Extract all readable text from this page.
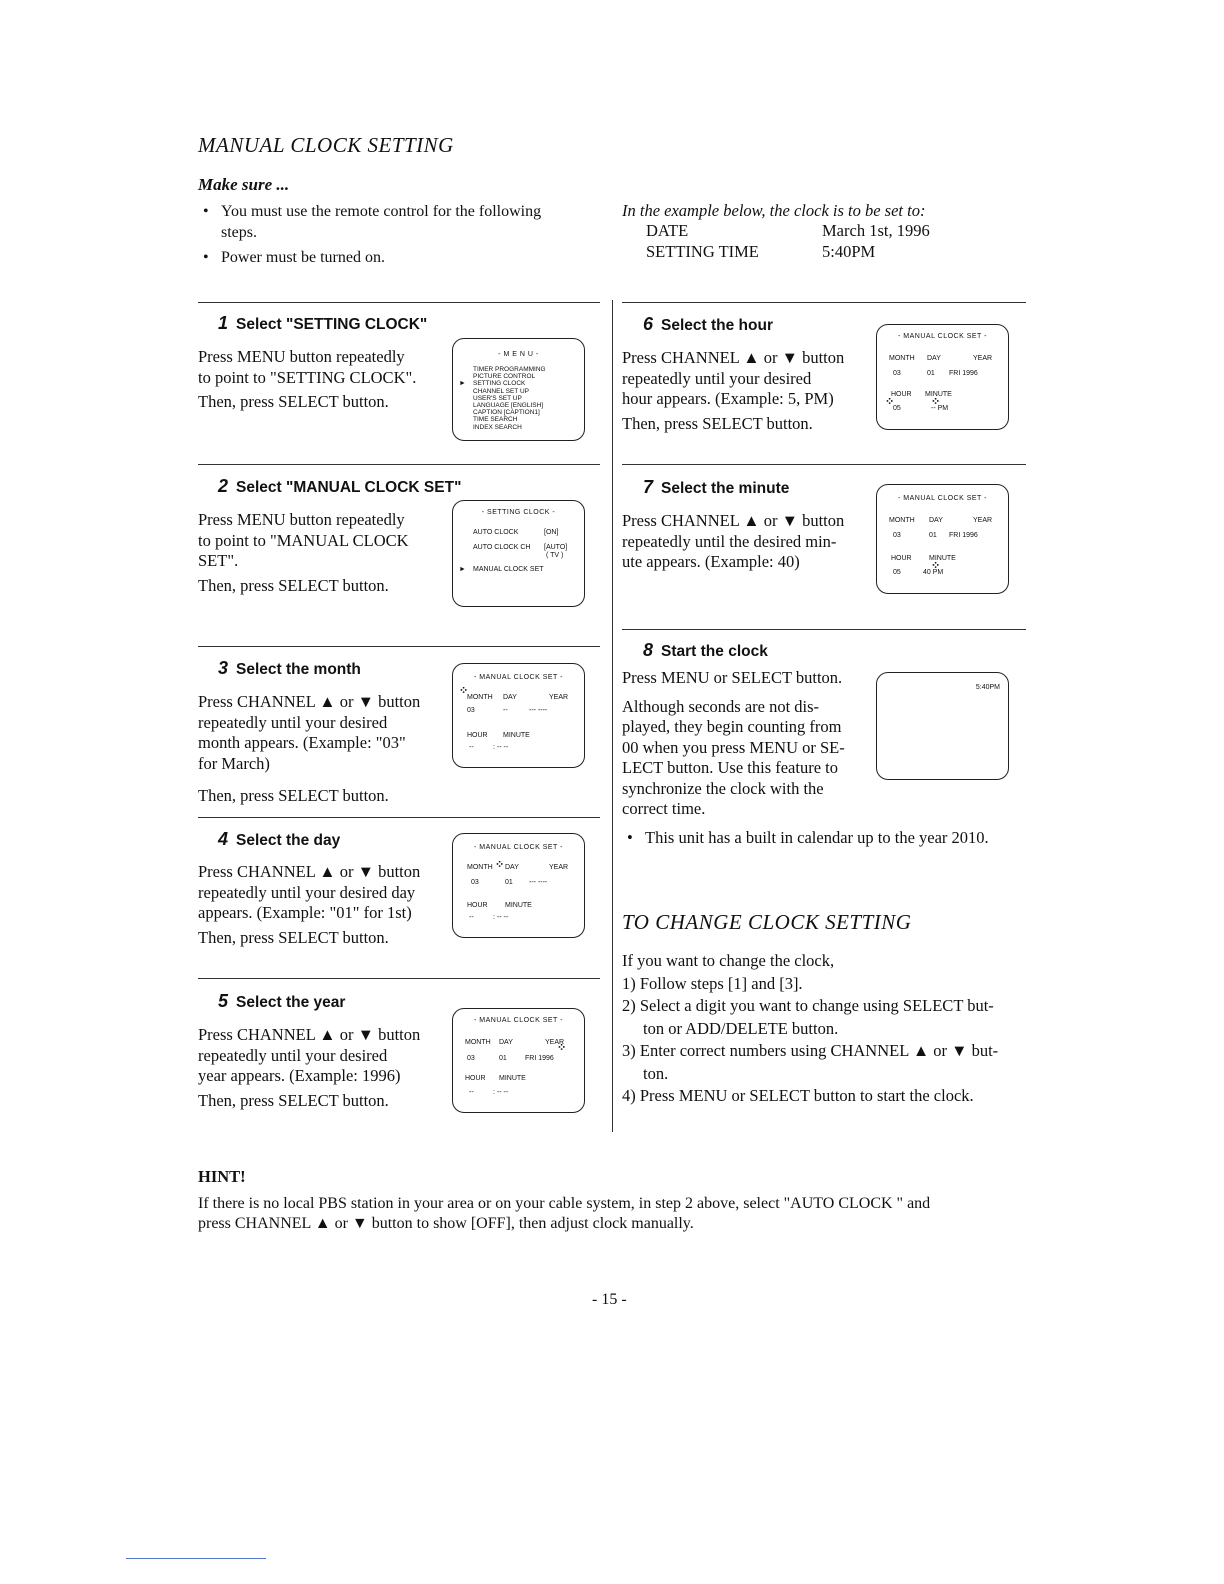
MANUAL CLOCK SETTING
Make sure ...
• You must use the remote control for the following
steps.
• Power must be turned on.
In the example below, the clock is to be set to:
DATE	March 1st, 1996
SETTING TIME	5:40PM
1 Select "SETTING CLOCK"
Press MENU button repeatedly
to point to "SETTING CLOCK".
Then, press SELECT button.
- M E N U -
TIMER PROGRAMMING
PICTURE CONTROL
SETTING CLOCK
CHANNEL SET UP
USER'S SET UP
LANGUAGE [ENGLISH]
CAPTION [CAPTION1]
TIME SEARCH
INDEX SEARCH
►
2 Select "MANUAL CLOCK SET"
Press MENU button repeatedly
to point to "MANUAL CLOCK
SET".
Then, press SELECT button.
- SETTING CLOCK -
AUTO CLOCK	[ON]
AUTO CLOCK CH [AUTO]
( TV )
MANUAL CLOCK SET
►
3 Select the month
Press CHANNEL ▲ or ▼ button
repeatedly until your desired
month appears. (Example: "03"
for March)
Then, press SELECT button.
- MANUAL CLOCK SET -
MONTH DAY	YEAR
03	--	--- ----
⁘
HOUR MINUTE
--	: -- --
4 Select the day
Press CHANNEL ▲ or ▼ button
repeatedly until your desired day
appears. (Example: "01" for 1st)
Then, press SELECT button.
- MANUAL CLOCK SET -
MONTH DAY	YEAR
03	01 --- ----
⁘
HOUR MINUTE
--	: -- --
5 Select the year
Press CHANNEL ▲ or ▼ button
repeatedly until your desired
year appears. (Example: 1996)
Then, press SELECT button.
- MANUAL CLOCK SET -
MONTH DAY	YEAR
03	01	FRI 1996
⁘
HOUR MINUTE
--	: -- --
6 Select the hour
Press CHANNEL ▲ or ▼ button
repeatedly until your desired
hour appears. (Example: 5, PM)
Then, press SELECT button.
- MANUAL CLOCK SET -
MONTH DAY	YEAR
03	01 FRI 1996
HOUR MINUTE
05	-- PM
⁘	⁘
7 Select the minute
Press CHANNEL ▲ or ▼ button
repeatedly until the desired min-
ute appears. (Example: 40)
- MANUAL CLOCK SET -
MONTH DAY	YEAR
03	01 FRI 1996
HOUR MINUTE
05	40 PM
⁘
8 Start the clock
Press MENU or SELECT button.
Although seconds are not dis-
played, they begin counting from
00 when you press MENU or SE-
LECT button. Use this feature to
synchronize the clock with the
correct time.
5:40PM
• This unit has a built in calendar up to the year 2010.
TO CHANGE CLOCK SETTING
If you want to change the clock,
1) Follow steps [1] and [3].
2) Select a digit you want to change using SELECT but-
ton or ADD/DELETE button.
3) Enter correct numbers using CHANNEL ▲ or ▼ but-
ton.
4) Press MENU or SELECT button to start the clock.
HINT!
If there is no local PBS station in your area or on your cable system, in step 2 above, select "AUTO CLOCK " and
press CHANNEL ▲ or ▼ button to show [OFF], then adjust clock manually.
- 15 -
